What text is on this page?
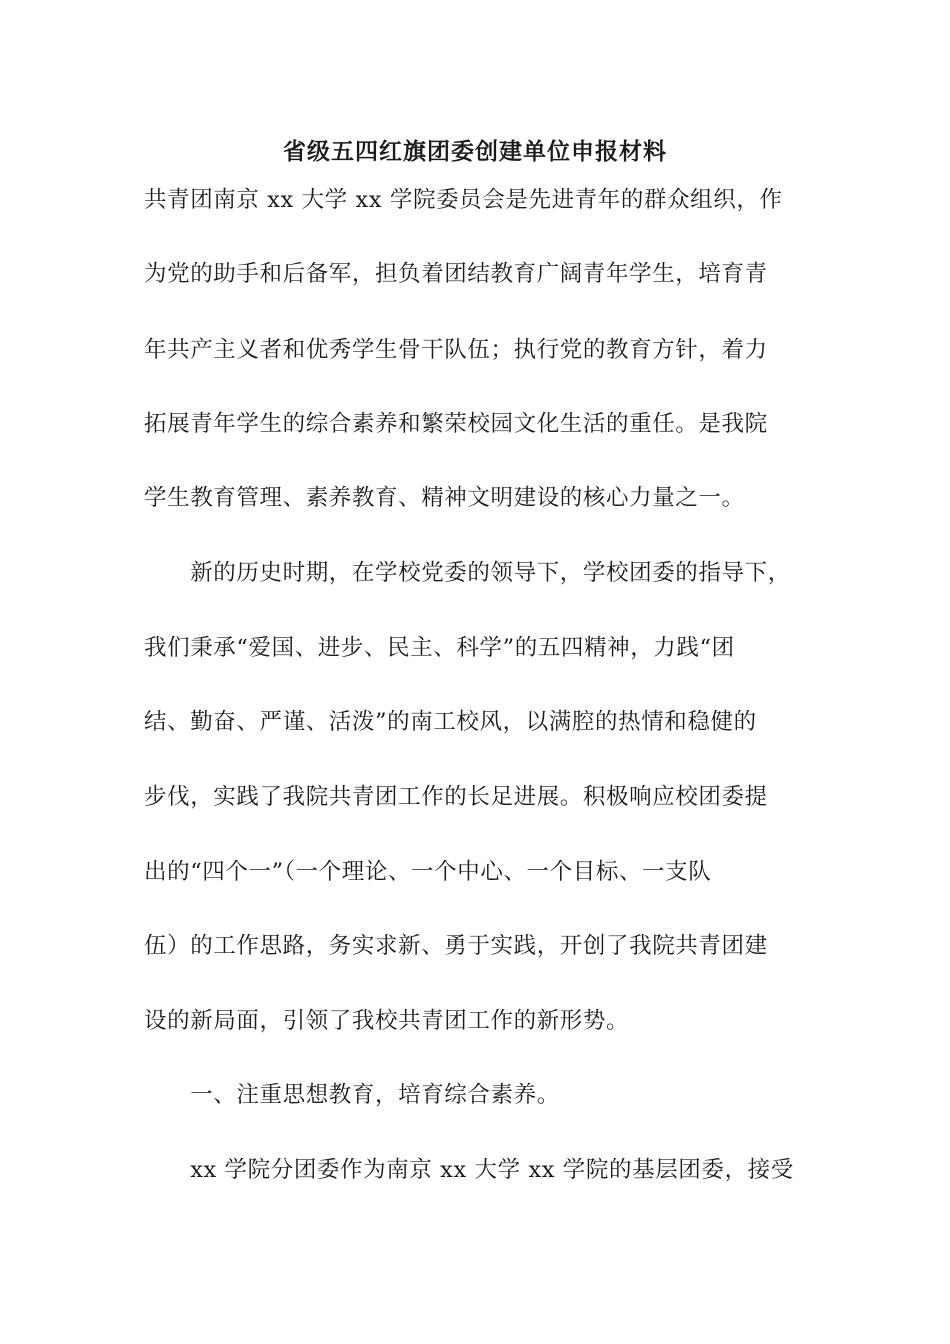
省级五四红旗团委创建单位申报材料
共青团南京 xx 大学 xx 学院委员会是先进青年的群众组织，作
为党的助手和后备军，担负着团结教育广阔青年学生，培育青
年共产主义者和优秀学生骨干队伍；执行党的教育方针，着力
拓展青年学生的综合素养和繁荣校园文化生活的重任。是我院
学生教育管理、素养教育、精神文明建设的核心力量之一。
　　新的历史时期，在学校党委的领导下，学校团委的指导下，
我们秉承“爱国、进步、民主、科学”的五四精神，力践“团
结、勤奋、严谨、活泼”的南工校风，以满腔的热情和稳健的
步伐，实践了我院共青团工作的长足进展。积极响应校团委提
出的“四个一”（一个理论、一个中心、一个目标、一支队
伍）的工作思路，务实求新、勇于实践，开创了我院共青团建
设的新局面，引领了我校共青团工作的新形势。
　　一、注重思想教育，培育综合素养。
　　xx 学院分团委作为南京 xx 大学 xx 学院的基层团委，接受
